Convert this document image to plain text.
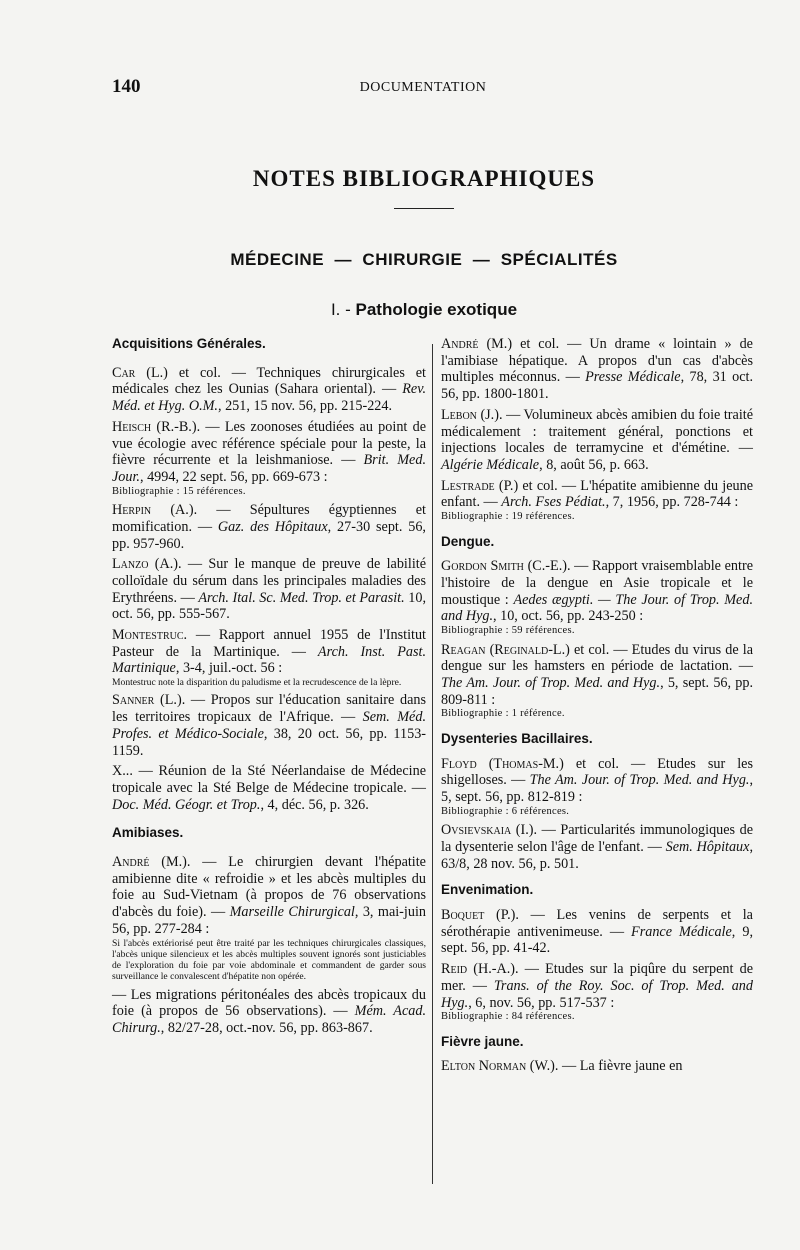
140	DOCUMENTATION
NOTES BIBLIOGRAPHIQUES
MÉDECINE  —  CHIRURGIE  —  SPÉCIALITÉS
I. - Pathologie exotique
Acquisitions Générales.

Car (L.) et col. — Techniques chirurgicales et médicales chez les Ounias (Sahara oriental). — Rev. Méd. et Hyg. O.M., 251, 15 nov. 56, pp. 215-224.

Heisch (R.-B.). — Les zoonoses étudiées au point de vue écologie avec référence spéciale pour la peste, la fièvre récurrente et la leishmaniose. — Brit. Med. Jour., 4994, 22 sept. 56, pp. 669-673 :

Bibliographie : 15 références.

Herpin (A.). — Sépultures égyptiennes et momification. — Gaz. des Hôpitaux, 27-30 sept. 56, pp. 957-960.

Lanzo (A.). — Sur le manque de preuve de labilité colloïdale du sérum dans les principales maladies des Erythréens. — Arch. Ital. Sc. Med. Trop. et Parasit. 10, oct. 56, pp. 555-567.

Montestruc. — Rapport annuel 1955 de l'Institut Pasteur de la Martinique. — Arch. Inst. Past. Martinique, 3-4, juil.-oct. 56 :

Montestruc note la disparition du paludisme et la recrudescence de la lèpre.

Sanner (L.). — Propos sur l'éducation sanitaire dans les territoires tropicaux de l'Afrique. — Sem. Méd. Profes. et Médico-Sociale, 38, 20 oct. 56, pp. 1153-1159.

X... — Réunion de la Sté Néerlandaise de Médecine tropicale avec la Sté Belge de Médecine tropicale. — Doc. Méd. Géogr. et Trop., 4, déc. 56, p. 326.

Amibiases.

André (M.). — Le chirurgien devant l'hépatite amibienne dite « refroidie » et les abcès multiples du foie au Sud-Vietnam (à propos de 76 observations d'abcès du foie). — Marseille Chirurgical, 3, mai-juin 56, pp. 277-284 :

Si l'abcès extériorisé peut être traité par les techniques chirurgicales classiques, l'abcès unique silencieux et les abcès multiples souvent ignorés sont justiciables de l'exploration du foie par voie abdominale et commandent de garder sous surveillance le convalescent d'hépatite non opérée.

— Les migrations péritonéales des abcès tropicaux du foie (à propos de 56 observations). — Mém. Acad. Chirurg., 82/27-28, oct.-nov. 56, pp. 863-867.

André (M.) et col. — Un drame « lointain » de l'amibiase hépatique. A propos d'un cas d'abcès multiples méconnus. — Presse Médicale, 78, 31 oct. 56, pp. 1800-1801.

Lebon (J.). — Volumineux abcès amibien du foie traité médicalement : traitement général, ponctions et injections locales de terramycine et d'émétine. — Algérie Médicale, 8, août 56, p. 663.

Lestrade (P.) et col. — L'hépatite amibienne du jeune enfant. — Arch. Fses Pédiat., 7, 1956, pp. 728-744 :

Bibliographie : 19 références.
Dengue.

Gordon Smith (C.-E.). — Rapport vraisemblable entre l'histoire de la dengue en Asie tropicale et le moustique : Aedes ægypti. — The Jour. of Trop. Med. and Hyg., 10, oct. 56, pp. 243-250 :

Bibliographie : 59 références.

Reagan (Reginald-L.) et col. — Etudes du virus de la dengue sur les hamsters en période de lactation. — The Am. Jour. of Trop. Med. and Hyg., 5, sept. 56, pp. 809-811 :

Bibliographie : 1 référence.
Dysenteries Bacillaires.

Floyd (Thomas-M.) et col. — Etudes sur les shigelloses. — The Am. Jour. of Trop. Med. and Hyg., 5, sept. 56, pp. 812-819 :

Bibliographie : 6 références.

Ovsievskaia (I.). — Particularités immunologiques de la dysenterie selon l'âge de l'enfant. — Sem. Hôpitaux, 63/8, 28 nov. 56, p. 501.

Envenimation.

Boquet (P.). — Les venins de serpents et la sérothérapie antivenimeuse. — France Médicale, 9, sept. 56, pp. 41-42.

Reid (H.-A.). — Etudes sur la piqûre du serpent de mer. — Trans. of the Roy. Soc. of Trop. Med. and Hyg., 6, nov. 56, pp. 517-537 :

Bibliographie : 84 références.
Fièvre jaune.

Elton Norman (W.). — La fièvre jaune en
